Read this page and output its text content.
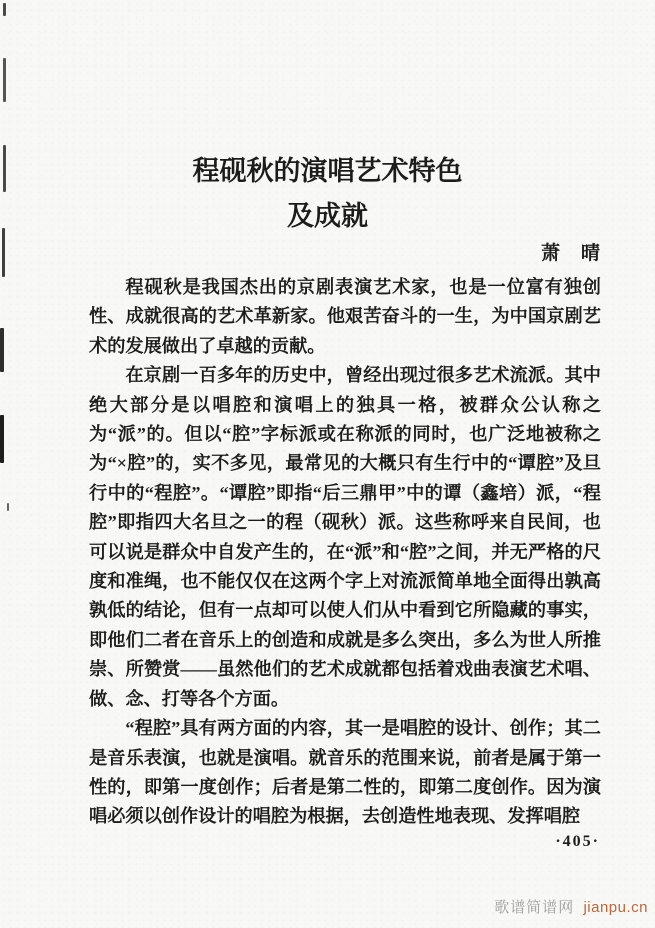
程砚秋的演唱艺术特色
及成就
萧　晴

程砚秋是我国杰出的京剧表演艺术家，也是一位富有独创性、成就很高的艺术革新家。他艰苦奋斗的一生，为中国京剧艺术的发展做出了卓越的贡献。

在京剧一百多年的历史中，曾经出现过很多艺术流派。其中绝大部分是以唱腔和演唱上的独具一格，被群众公认称之为“派”的。但以“腔”字标派或在称派的同时，也广泛地被称之为“×腔”的，实不多见，最常见的大概只有生行中的“谭腔”及旦行中的“程腔”。“谭腔”即指“后三鼎甲”中的谭（鑫培）派，“程腔”即指四大名旦之一的程（砚秋）派。这些称呼来自民间，也可以说是群众中自发产生的，在“派”和“腔”之间，并无严格的尺度和准绳，也不能仅仅在这两个字上对流派简单地全面得出孰高孰低的结论，但有一点却可以使人们从中看到它所隐藏的事实，即他们二者在音乐上的创造和成就是多么突出，多么为世人所推崇、所赞赏——虽然他们的艺术成就都包括着戏曲表演艺术唱、做、念、打等各个方面。

“程腔”具有两方面的内容，其一是唱腔的设计、创作；其二是音乐表演，也就是演唱。就音乐的范围来说，前者是属于第一性的，即第一度创作；后者是第二性的，即第二度创作。因为演唱必须以创作设计的唱腔为根据，去创造性地表现、发挥唱腔

·405·
歌谱简谱网 jianpu.cn
